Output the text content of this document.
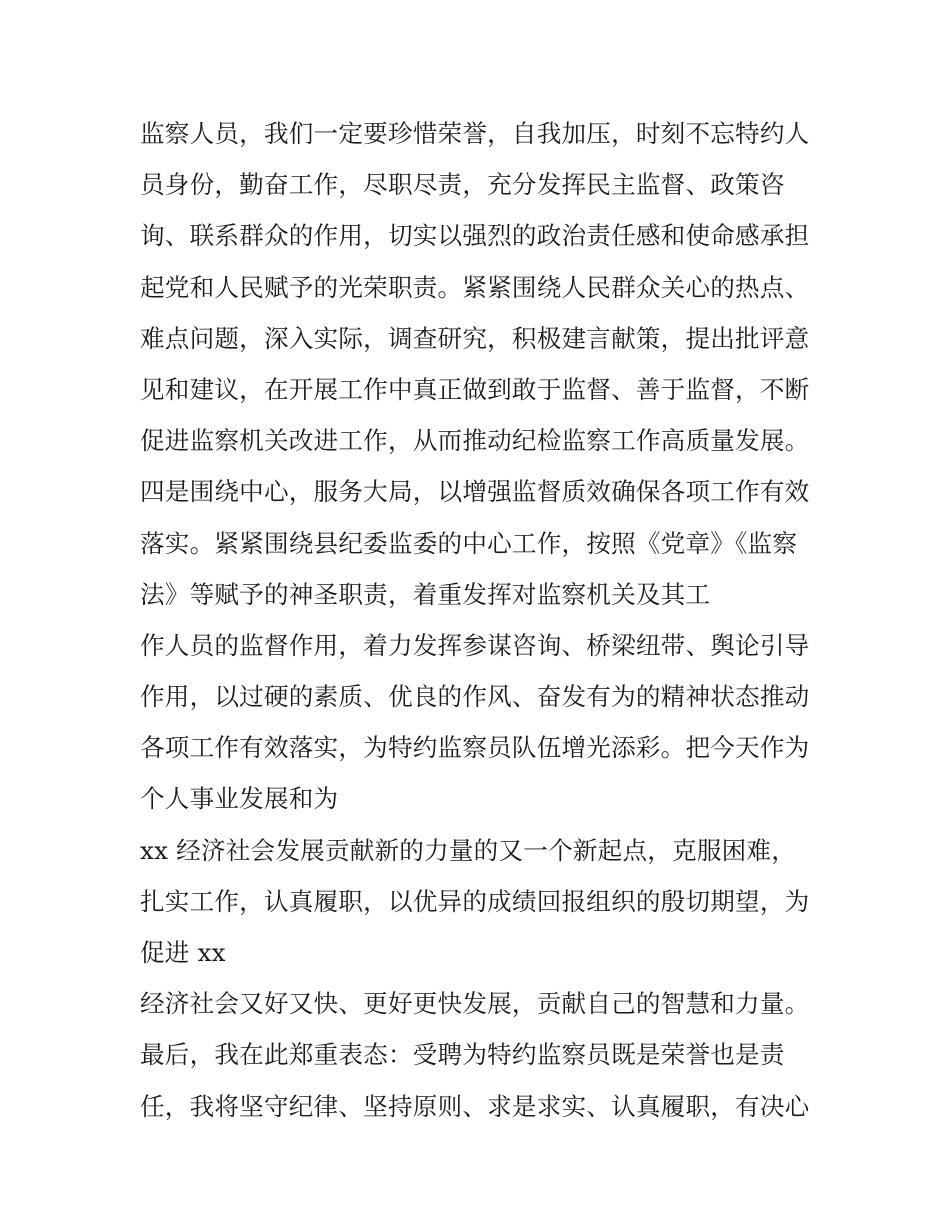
监察人员，我们一定要珍惜荣誉，自我加压，时刻不忘特约人
员身份，勤奋工作，尽职尽责，充分发挥民主监督、政策咨
询、联系群众的作用，切实以强烈的政治责任感和使命感承担
起党和人民赋予的光荣职责。紧紧围绕人民群众关心的热点、
难点问题，深入实际，调查研究，积极建言献策，提出批评意
见和建议，在开展工作中真正做到敢于监督、善于监督，不断
促进监察机关改进工作，从而推动纪检监察工作高质量发展。
四是围绕中心，服务大局，以增强监督质效确保各项工作有效
落实。紧紧围绕县纪委监委的中心工作，按照《党章》《监察
法》等赋予的神圣职责，着重发挥对监察机关及其工
作人员的监督作用，着力发挥参谋咨询、桥梁纽带、舆论引导
作用，以过硬的素质、优良的作风、奋发有为的精神状态推动
各项工作有效落实，为特约监察员队伍增光添彩。把今天作为
个人事业发展和为
xx 经济社会发展贡献新的力量的又一个新起点，克服困难，
扎实工作，认真履职，以优异的成绩回报组织的殷切期望，为
促进 xx
经济社会又好又快、更好更快发展，贡献自己的智慧和力量。
最后，我在此郑重表态：受聘为特约监察员既是荣誉也是责
任，我将坚守纪律、坚持原则、求是求实、认真履职，有决心
